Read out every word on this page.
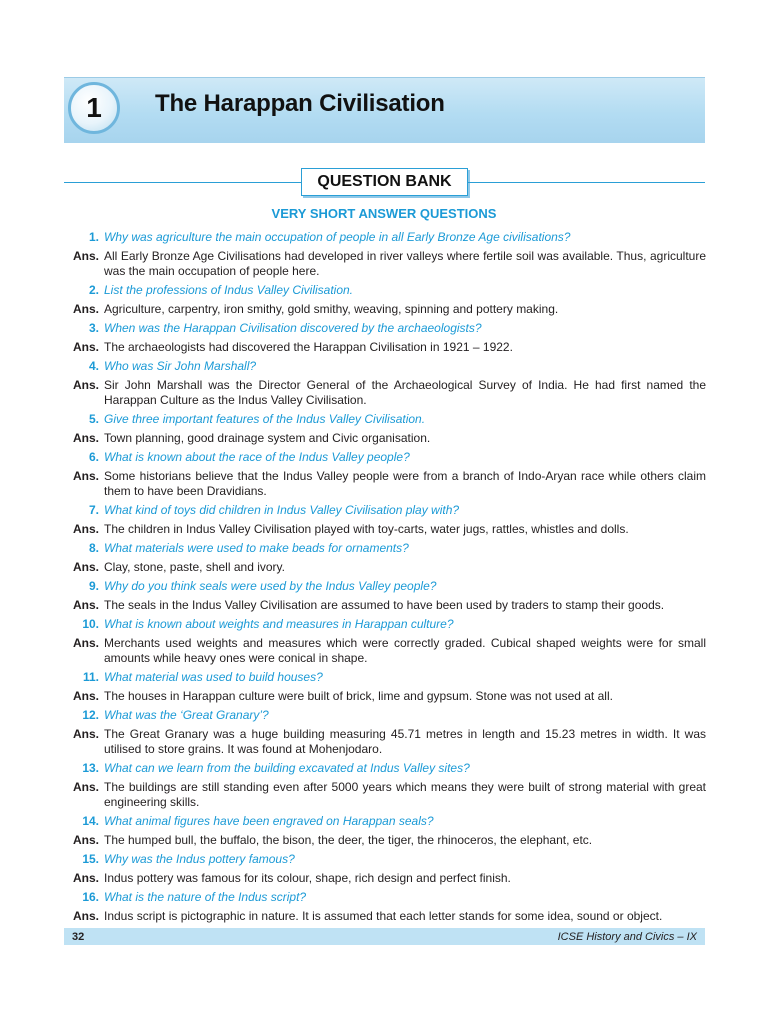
1	The Harappan Civilisation
QUESTION BANK
VERY SHORT ANSWER QUESTIONS
1. Why was agriculture the main occupation of people in all Early Bronze Age civilisations?
Ans. All Early Bronze Age Civilisations had developed in river valleys where fertile soil was available. Thus, agriculture was the main occupation of people here.
2. List the professions of Indus Valley Civilisation.
Ans. Agriculture, carpentry, iron smithy, gold smithy, weaving, spinning and pottery making.
3. When was the Harappan Civilisation discovered by the archaeologists?
Ans. The archaeologists had discovered the Harappan Civilisation in 1921 – 1922.
4. Who was Sir John Marshall?
Ans. Sir John Marshall was the Director General of the Archaeological Survey of India. He had first named the Harappan Culture as the Indus Valley Civilisation.
5. Give three important features of the Indus Valley Civilisation.
Ans. Town planning, good drainage system and Civic organisation.
6. What is known about the race of the Indus Valley people?
Ans. Some historians believe that the Indus Valley people were from a branch of Indo-Aryan race while others claim them to have been Dravidians.
7. What kind of toys did children in Indus Valley Civilisation play with?
Ans. The children in Indus Valley Civilisation played with toy-carts, water jugs, rattles, whistles and dolls.
8. What materials were used to make beads for ornaments?
Ans. Clay, stone, paste, shell and ivory.
9. Why do you think seals were used by the Indus Valley people?
Ans. The seals in the Indus Valley Civilisation are assumed to have been used by traders to stamp their goods.
10. What is known about weights and measures in Harappan culture?
Ans. Merchants used weights and measures which were correctly graded. Cubical shaped weights were for small amounts while heavy ones were conical in shape.
11. What material was used to build houses?
Ans. The houses in Harappan culture were built of brick, lime and gypsum. Stone was not used at all.
12. What was the ‘Great Granary’?
Ans. The Great Granary was a huge building measuring 45.71 metres in length and 15.23 metres in width. It was utilised to store grains. It was found at Mohenjodaro.
13. What can we learn from the building excavated at Indus Valley sites?
Ans. The buildings are still standing even after 5000 years which means they were built of strong material with great engineering skills.
14. What animal figures have been engraved on Harappan seals?
Ans. The humped bull, the buffalo, the bison, the deer, the tiger, the rhinoceros, the elephant, etc.
15. Why was the Indus pottery famous?
Ans. Indus pottery was famous for its colour, shape, rich design and perfect finish.
16. What is the nature of the Indus script?
Ans. Indus script is pictographic in nature. It is assumed that each letter stands for some idea, sound or object.
32	ICSE History and Civics – IX
